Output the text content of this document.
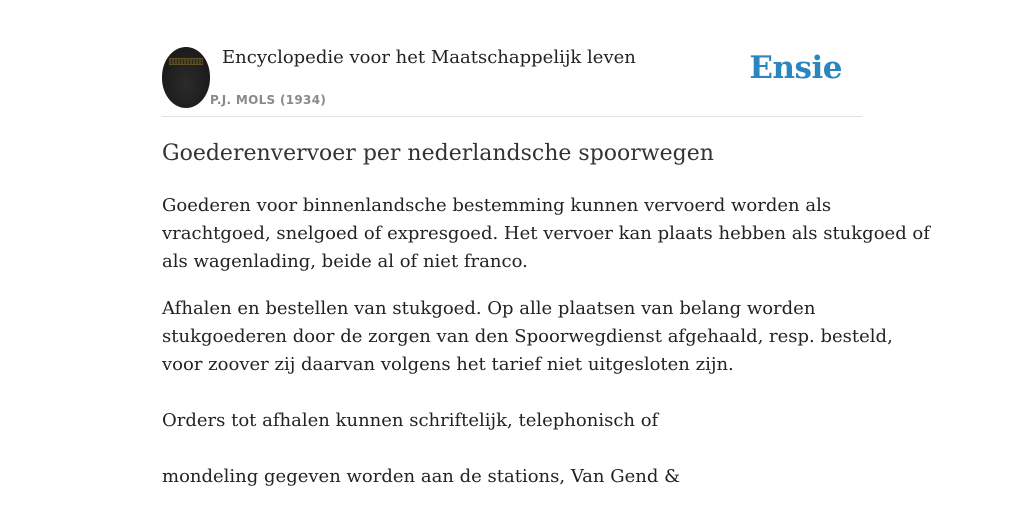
Encyclopedie voor het Maatschappelijk leven
P.J. MOLS (1934)
Ensie
Goederenvervoer per nederlandsche spoorwegen

Goederen voor binnenlandsche bestemming kunnen vervoerd worden als
vrachtgoed, snelgoed of expresgoed. Het vervoer kan plaats hebben als stukgoed of
als wagenlading, beide al of niet franco.

Afhalen en bestellen van stukgoed. Op alle plaatsen van belang worden
stukgoederen door de zorgen van den Spoorwegdienst afgehaald, resp. besteld,
voor zoover zij daarvan volgens het tarief niet uitgesloten zijn.

Orders tot afhalen kunnen schriftelijk, telephonisch of

mondeling gegeven worden aan de stations, Van Gend &
